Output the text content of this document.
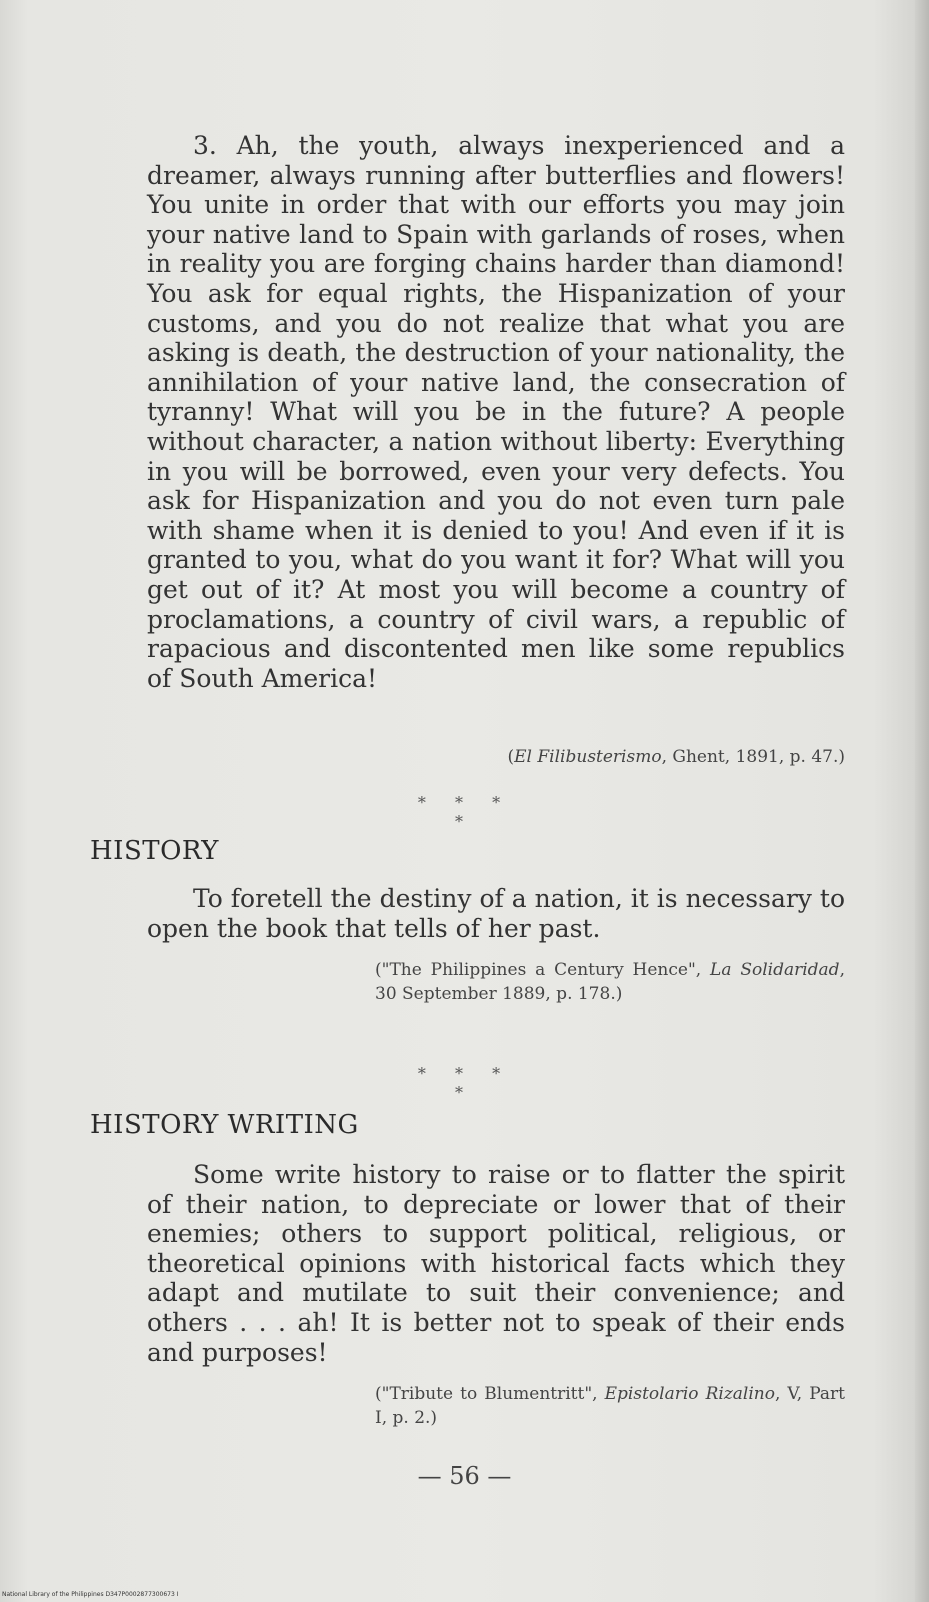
3. Ah, the youth, always inexperienced and a dreamer, always running after butterflies and flowers! You unite in order that with our efforts you may join your native land to Spain with garlands of roses, when in reality you are forging chains harder than diamond! You ask for equal rights, the Hispanization of your customs, and you do not realize that what you are asking is death, the destruction of your nationality, the annihilation of your native land, the consecration of tyranny! What will you be in the future? A people without character, a nation without liberty: Everything in you will be borrowed, even your very defects. You ask for Hispanization and you do not even turn pale with shame when it is denied to you! And even if it is granted to you, what do you want it for? What will you get out of it? At most you will become a country of proclamations, a country of civil wars, a republic of rapacious and discontented men like some republics of South America!

(El Filibusterismo, Ghent, 1891, p. 47.)
* * * *
HISTORY

To foretell the destiny of a nation, it is necessary to open the book that tells of her past.

("The Philippines a Century Hence", La Solidaridad, 30 September 1889, p. 178.)
* * * *
HISTORY WRITING

Some write history to raise or to flatter the spirit of their nation, to depreciate or lower that of their enemies; others to support political, religious, or theoretical opinions with historical facts which they adapt and mutilate to suit their convenience; and others . . . ah! It is better not to speak of their ends and purposes!

("Tribute to Blumentritt", Epistolario Rizalino, V, Part I, p. 2.)
— 56 —
National Library of the Philippines D347P0002877300673 I
